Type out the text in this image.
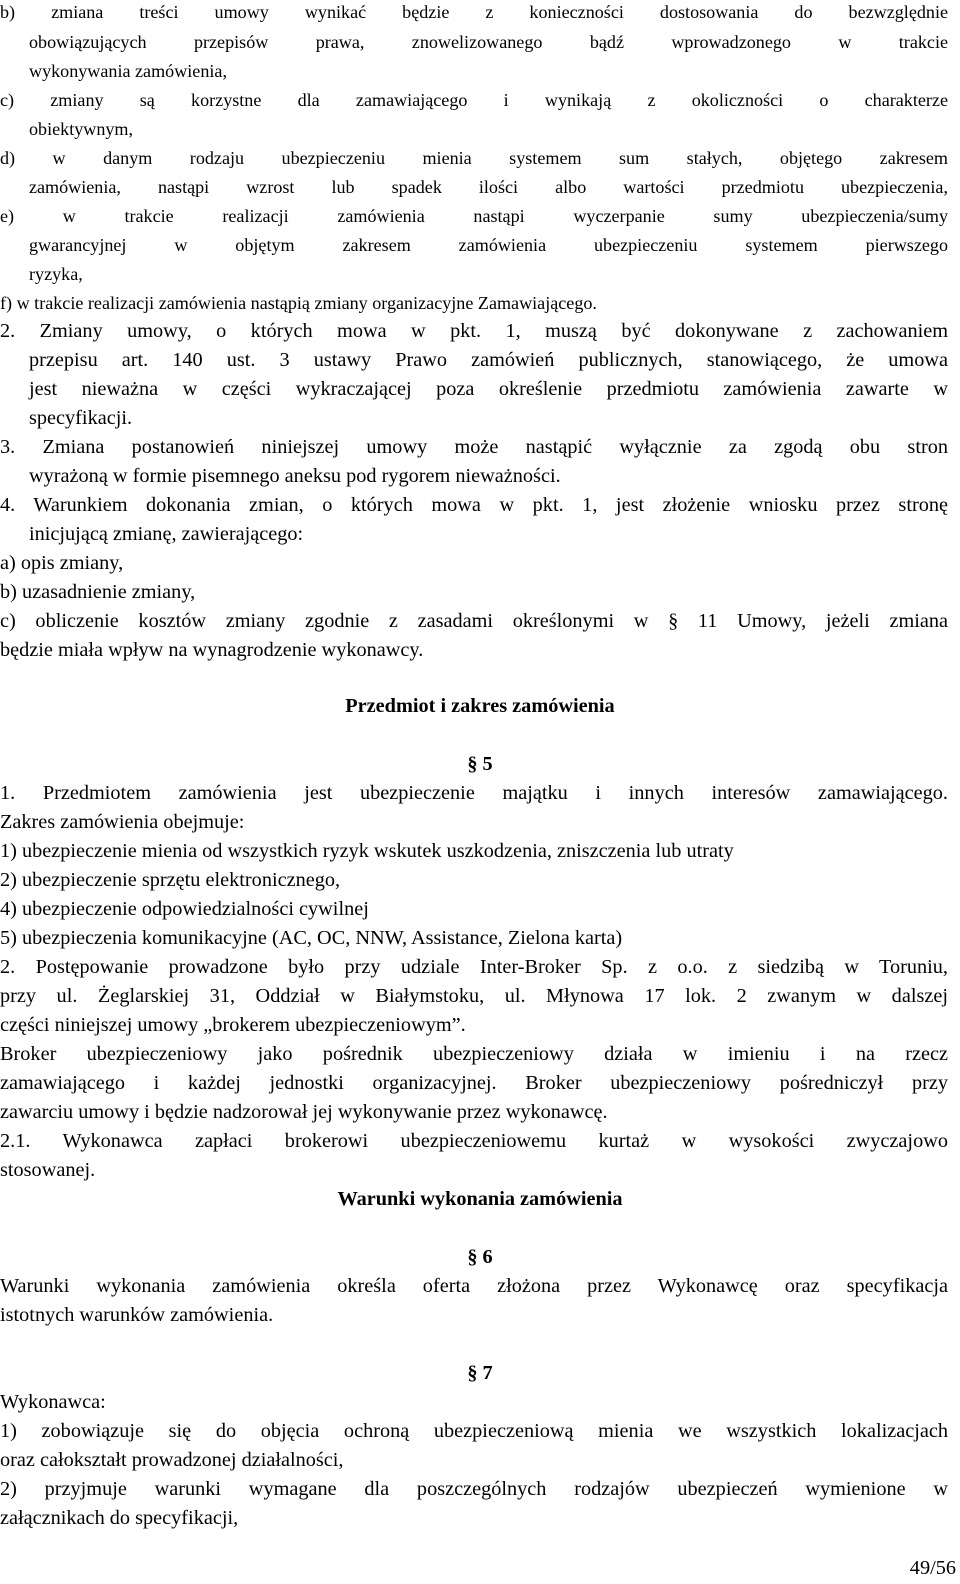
b) zmiana treści umowy wynikać będzie z konieczności dostosowania do bezwzględnie
obowiązujących przepisów prawa, znowelizowanego bądź wprowadzonego w trakcie
wykonywania zamówienia,
c) zmiany są korzystne dla zamawiającego i wynikają z okoliczności o charakterze
obiektywnym,
d) w danym rodzaju ubezpieczeniu mienia systemem sum stałych, objętego zakresem
zamówienia, nastąpi wzrost lub spadek ilości albo wartości przedmiotu ubezpieczenia,
e) w trakcie realizacji zamówienia nastąpi wyczerpanie sumy ubezpieczenia/sumy
gwarancyjnej w objętym zakresem zamówienia ubezpieczeniu systemem pierwszego
ryzyka,
f) w trakcie realizacji zamówienia nastąpią zmiany organizacyjne Zamawiającego.
2. Zmiany umowy, o których mowa w pkt. 1, muszą być dokonywane z zachowaniem
przepisu art. 140 ust. 3 ustawy Prawo zamówień publicznych, stanowiącego, że umowa
jest nieważna w części wykraczającej poza określenie przedmiotu zamówienia zawarte w
specyfikacji.
3. Zmiana postanowień niniejszej umowy może nastąpić wyłącznie za zgodą obu stron
wyrażoną w formie pisemnego aneksu pod rygorem nieważności.
4. Warunkiem dokonania zmian, o których mowa w pkt. 1, jest złożenie wniosku przez stronę
inicjującą zmianę, zawierającego:
a) opis zmiany,
b) uzasadnienie zmiany,
c) obliczenie kosztów zmiany zgodnie z zasadami określonymi w § 11 Umowy, jeżeli zmiana
będzie miała wpływ na wynagrodzenie wykonawcy.
Przedmiot i zakres zamówienia
§ 5
1. Przedmiotem zamówienia jest ubezpieczenie majątku i innych interesów zamawiającego.
Zakres zamówienia obejmuje:
1) ubezpieczenie mienia od wszystkich ryzyk wskutek uszkodzenia, zniszczenia lub utraty
2) ubezpieczenie sprzętu elektronicznego,
4) ubezpieczenie odpowiedzialności cywilnej
5) ubezpieczenia komunikacyjne (AC, OC, NNW, Assistance, Zielona karta)
2. Postępowanie prowadzone było przy udziale Inter-Broker Sp. z o.o. z siedzibą w Toruniu,
przy ul. Żeglarskiej 31, Oddział w Białymstoku, ul. Młynowa 17 lok. 2 zwanym w dalszej
części niniejszej umowy „brokerem ubezpieczeniowym”.
Broker ubezpieczeniowy jako pośrednik ubezpieczeniowy działa w imieniu i na rzecz
zamawiającego i każdej jednostki organizacyjnej. Broker ubezpieczeniowy pośredniczył przy
zawarciu umowy i będzie nadzorował jej wykonywanie przez wykonawcę.
2.1. Wykonawca zapłaci brokerowi ubezpieczeniowemu kurtaż w wysokości zwyczajowo
stosowanej.
Warunki wykonania zamówienia
§ 6
Warunki wykonania zamówienia określa oferta złożona przez Wykonawcę oraz specyfikacja
istotnych warunków zamówienia.
§ 7
Wykonawca:
1) zobowiązuje się do objęcia ochroną ubezpieczeniową mienia we wszystkich lokalizacjach
oraz całokształt prowadzonej działalności,
2) przyjmuje warunki wymagane dla poszczególnych rodzajów ubezpieczeń wymienione w
załącznikach do specyfikacji,
49/56
